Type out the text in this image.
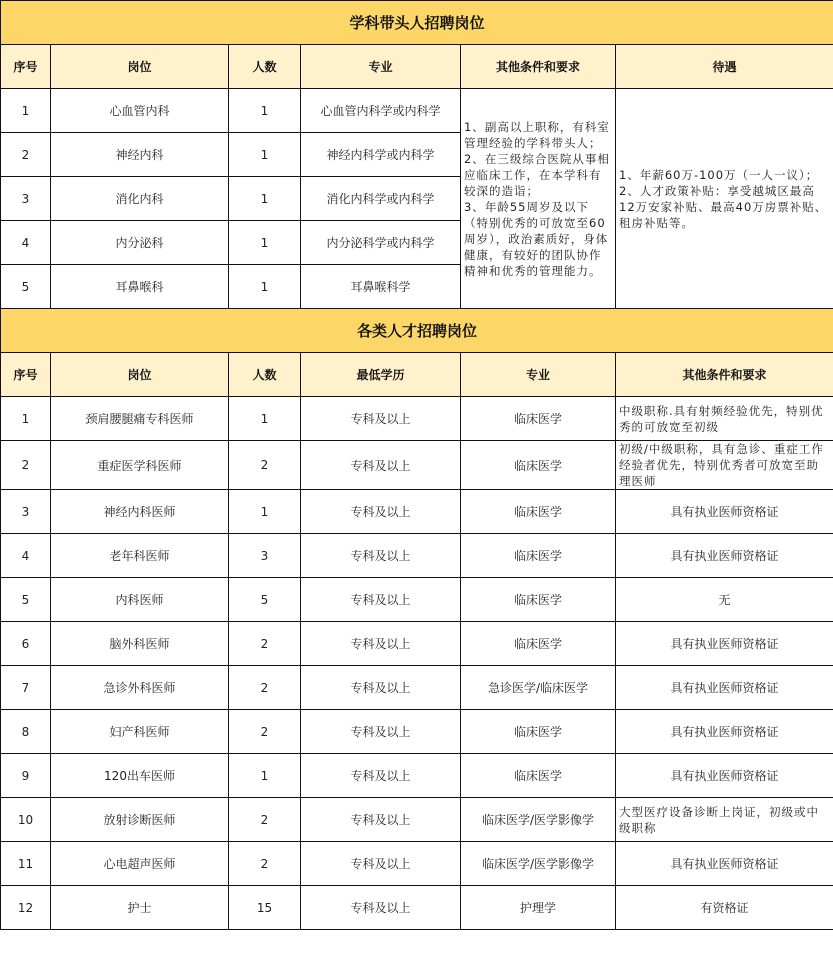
学科带头人招聘岗位					
序号	岗位	人数	专业	其他条件和要求	待遇
1	心血管内科	1	心血管内科学或内科学	1、副高以上职称，有科室管理经验的学科带头人；
2、在三级综合医院从事相应临床工作，在本学科有较深的造诣；
3、年龄55周岁及以下（特别优秀的可放宽至60周岁），政治素质好，身体健康，有较好的团队协作精神和优秀的管理能力。	1、年薪60万-100万（一人一议）；
2、人才政策补贴：享受越城区最高12万安家补贴、最高40万房票补贴、租房补贴等。
2	神经内科	1	神经内科学或内科学		
3	消化内科	1	消化内科学或内科学		
4	内分泌科	1	内分泌科学或内科学		
5	耳鼻喉科	1	耳鼻喉科学		
各类人才招聘岗位					
序号	岗位	人数	最低学历	专业	其他条件和要求
1	颈肩腰腿痛专科医师	1	专科及以上	临床医学	中级职称.具有射频经验优先，特别优秀的可放宽至初级
2	重症医学科医师	2	专科及以上	临床医学	初级/中级职称，具有急诊、重症工作经验者优先，特别优秀者可放宽至助理医师
3	神经内科医师	1	专科及以上	临床医学	具有执业医师资格证
4	老年科医师	3	专科及以上	临床医学	具有执业医师资格证
5	内科医师	5	专科及以上	临床医学	无
6	脑外科医师	2	专科及以上	临床医学	具有执业医师资格证
7	急诊外科医师	2	专科及以上	急诊医学/临床医学	具有执业医师资格证
8	妇产科医师	2	专科及以上	临床医学	具有执业医师资格证
9	120出车医师	1	专科及以上	临床医学	具有执业医师资格证
10	放射诊断医师	2	专科及以上	临床医学/医学影像学	大型医疗设备诊断上岗证，初级或中级职称
11	心电超声医师	2	专科及以上	临床医学/医学影像学	具有执业医师资格证
12	护士	15	专科及以上	护理学	有资格证
